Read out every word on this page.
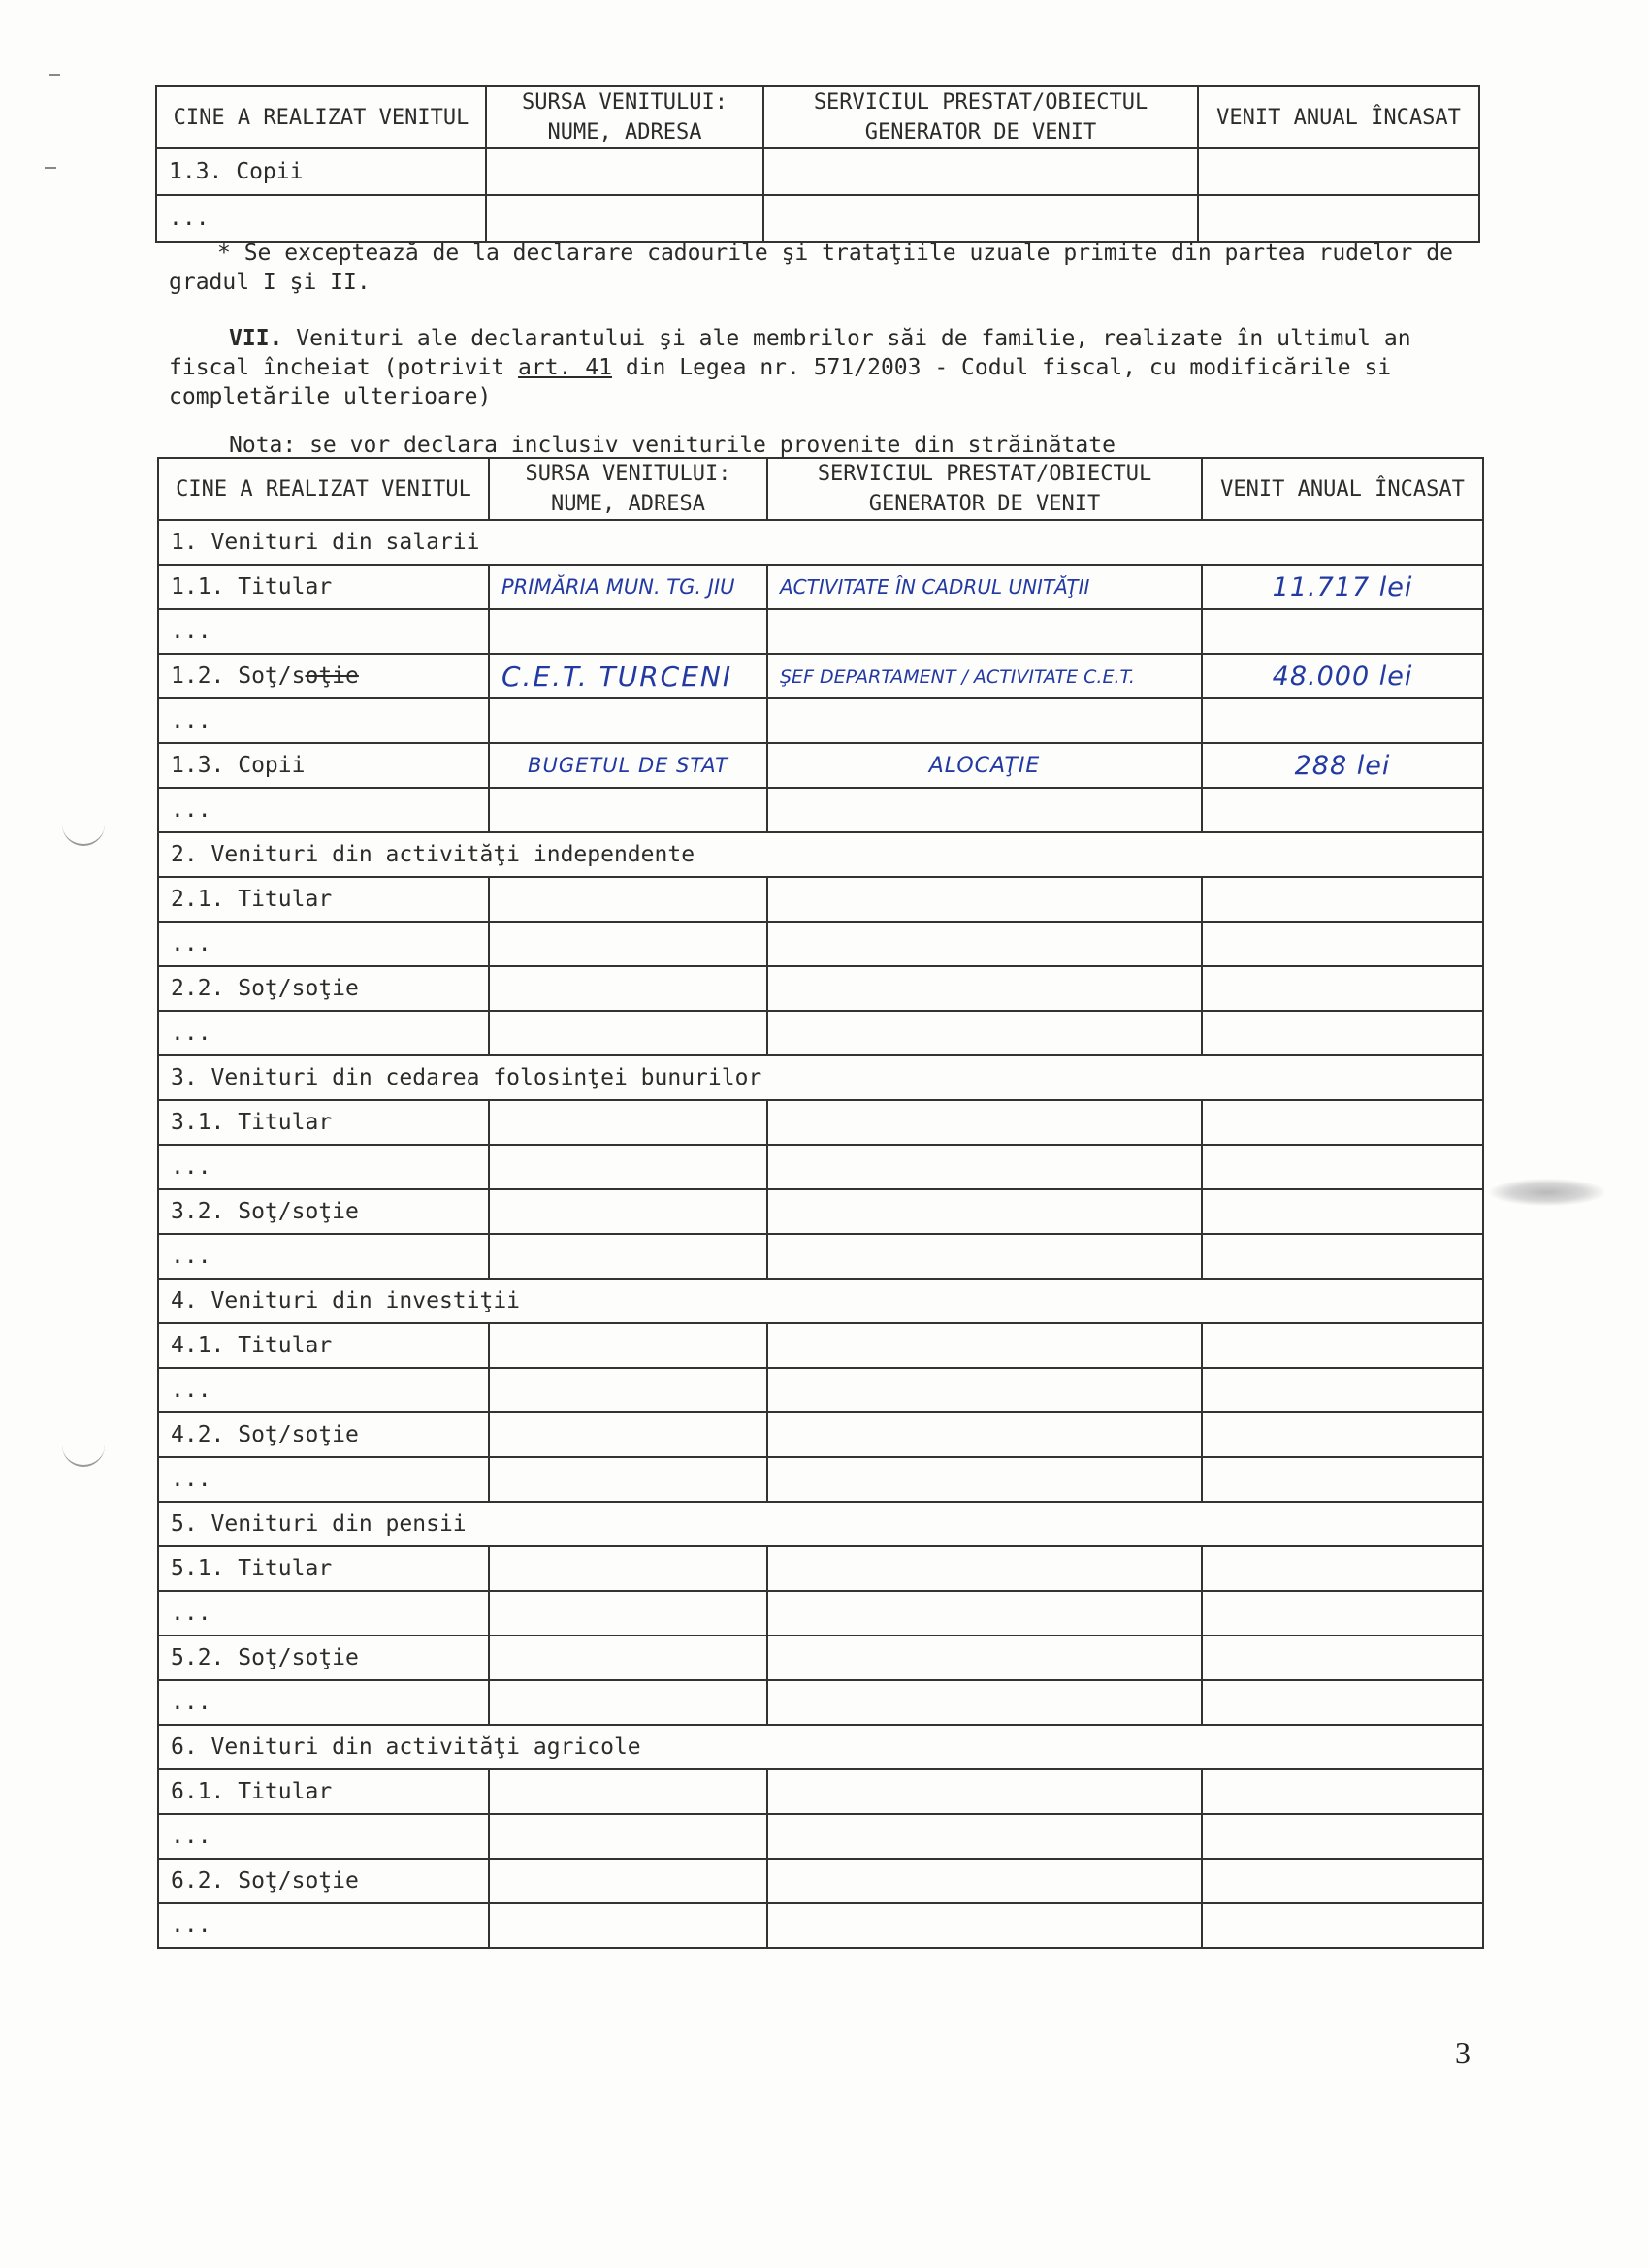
CINE A REALIZAT VENITUL	SURSA VENITULUI: NUME, ADRESA	SERVICIUL PRESTAT/OBIECTUL GENERATOR DE VENIT	VENIT ANUAL ÎNCASAT
1.3. Copii			
...			

* Se exceptează de la declarare cadourile şi trataţiile uzuale primite din partea rudelor de gradul I şi II.

VII. Venituri ale declarantului şi ale membrilor săi de familie, realizate în ultimul an fiscal încheiat (potrivit art. 41 din Legea nr. 571/2003 - Codul fiscal, cu modificările si completările ulterioare)

Nota: se vor declara inclusiv veniturile provenite din străinătate

CINE A REALIZAT VENITUL	SURSA VENITULUI: NUME, ADRESA	SERVICIUL PRESTAT/OBIECTUL GENERATOR DE VENIT	VENIT ANUAL ÎNCASAT
1. Venituri din salarii			
1.1. Titular	PRIMĂRIA MUN. TG. JIU	ACTIVITATE ÎN CADRUL UNITĂŢII	11.717 lei
...			
1.2. Soţ/soţie	C.E.T. TURCENI	ŞEF DEPARTAMENT / ACTIVITATE C.E.T.	48.000 lei
...			
1.3. Copii	BUGETUL DE STAT	ALOCAŢIE	288 lei
...			
2. Venituri din activităţi independente			
2.1. Titular			
...			
2.2. Soţ/soţie			
...			
3. Venituri din cedarea folosinţei bunurilor			
3.1. Titular			
...			
3.2. Soţ/soţie			
...			
4. Venituri din investiţii			
4.1. Titular			
...			
4.2. Soţ/soţie			
...			
5. Venituri din pensii			
5.1. Titular			
...			
5.2. Soţ/soţie			
...			
6. Venituri din activităţi agricole			
6.1. Titular			
...			
6.2. Soţ/soţie			
...			
3
